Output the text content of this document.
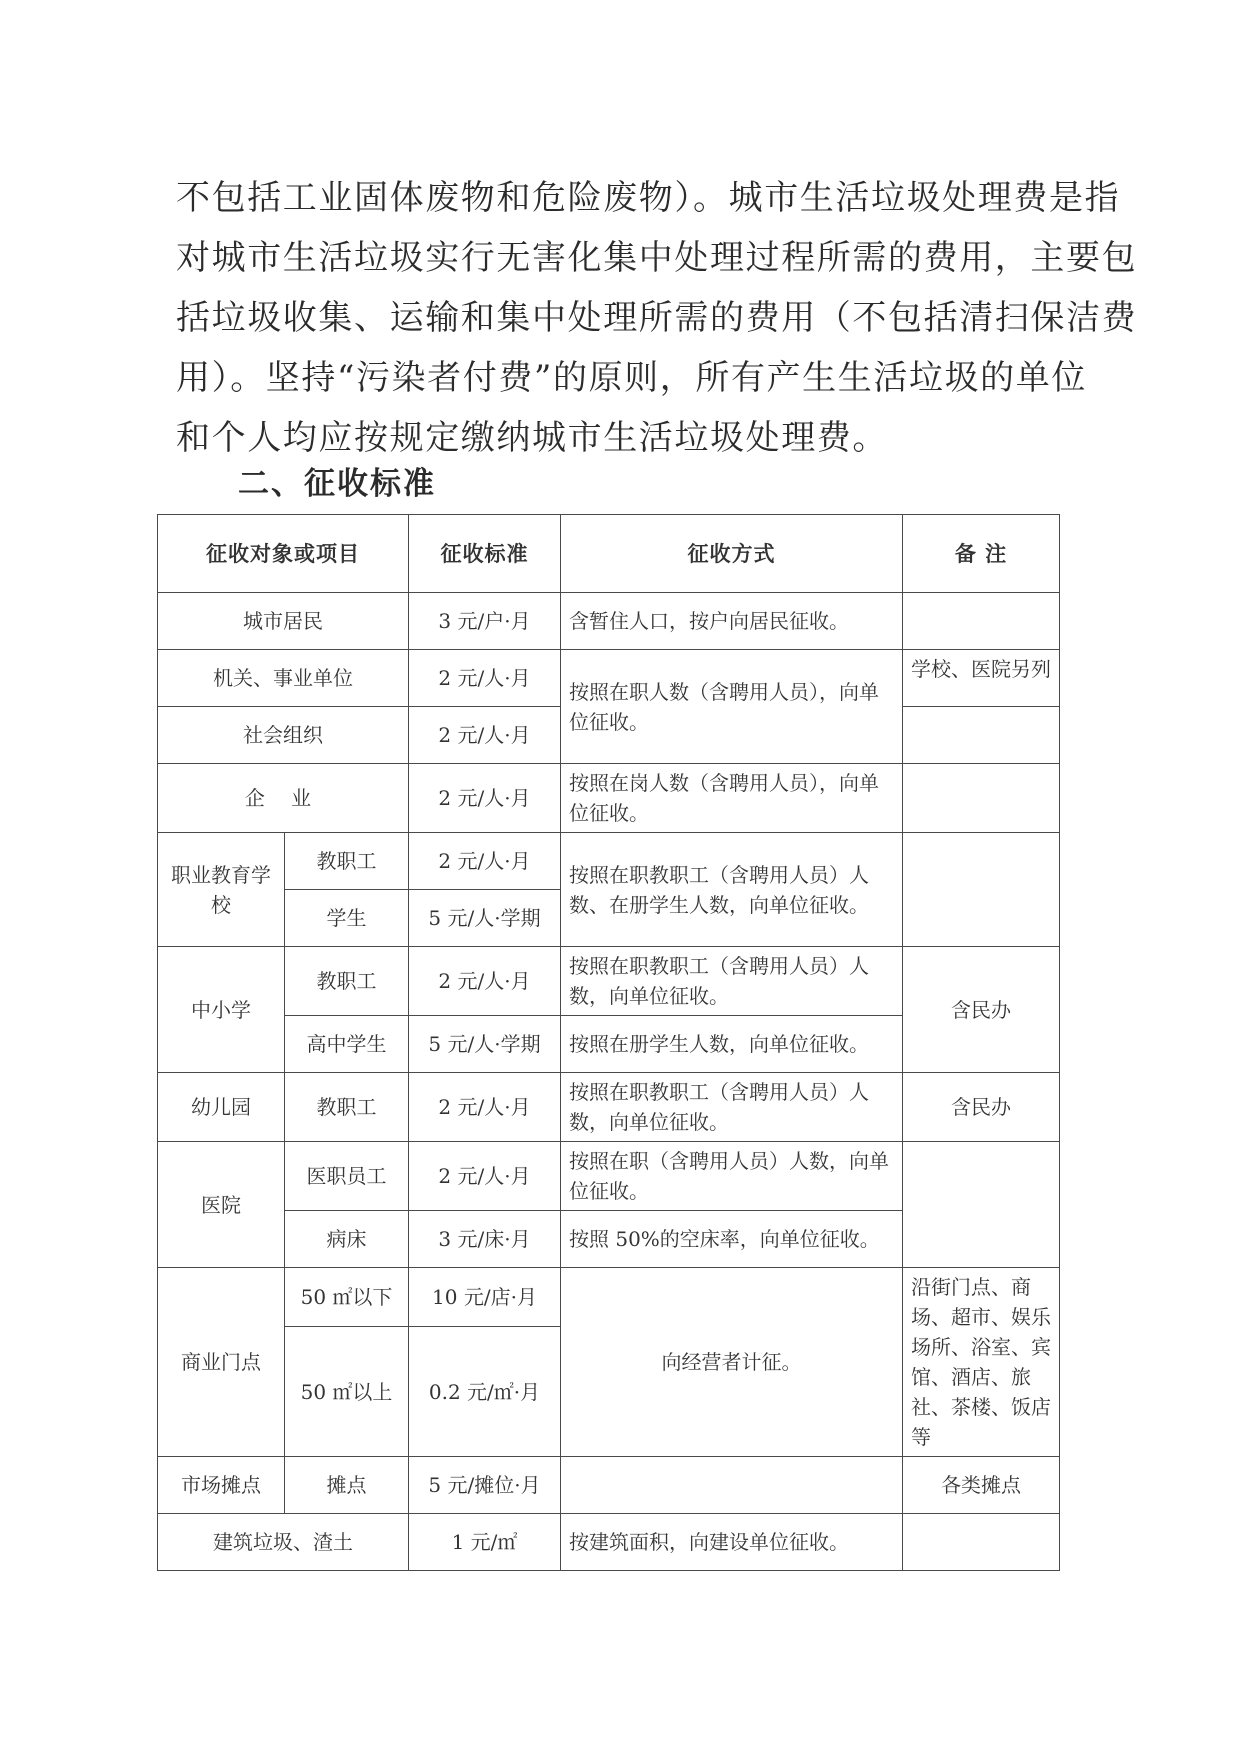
不包括工业固体废物和危险废物）。城市生活垃圾处理费是指
对城市生活垃圾实行无害化集中处理过程所需的费用，主要包
括垃圾收集、运输和集中处理所需的费用（不包括清扫保洁费
用）。坚持“污染者付费”的原则，所有产生生活垃圾的单位
和个人均应按规定缴纳城市生活垃圾处理费。
二、征收标准
征收对象或项目		征收标准	征收方式	备 注
城市居民		3 元/户·月	含暂住人口，按户向居民征收。	
机关、事业单位		2 元/人·月	按照在职人数（含聘用人员），向单位征收。	学校、医院另列
社会组织		2 元/人·月		
企 业		2 元/人·月	按照在岗人数（含聘用人员），向单位征收。	
职业教育学校	教职工	2 元/人·月	按照在职教职工（含聘用人员）人数、在册学生人数，向单位征收。	
	学生	5 元/人·学期		
中小学	教职工	2 元/人·月	按照在职教职工（含聘用人员）人数，向单位征收。	含民办
	高中学生	5 元/人·学期	按照在册学生人数，向单位征收。	
幼儿园	教职工	2 元/人·月	按照在职教职工（含聘用人员）人数，向单位征收。	含民办
医院	医职员工	2 元/人·月	按照在职（含聘用人员）人数，向单位征收。	
	病床	3 元/床·月	按照 50%的空床率，向单位征收。	
商业门点	50 ㎡以下	10 元/店·月	向经营者计征。	沿街门点、商场、超市、娱乐场所、浴室、宾馆、酒店、旅社、茶楼、饭店等
	50 ㎡以上	0.2 元/㎡·月		
市场摊点	摊点	5 元/摊位·月		各类摊点
建筑垃圾、渣土		1 元/㎡	按建筑面积，向建设单位征收。	
